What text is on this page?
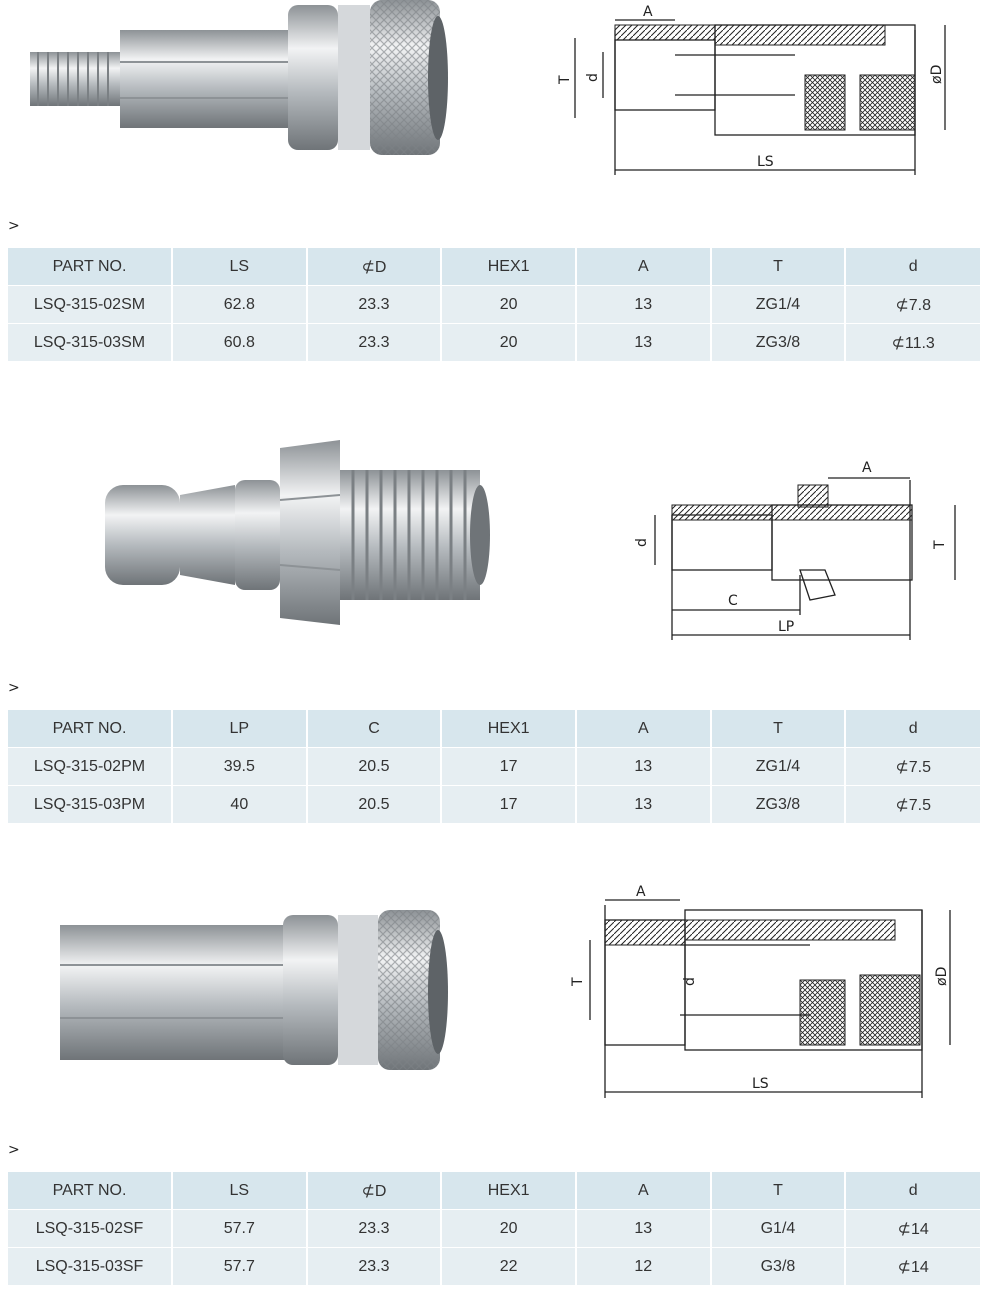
A
T d	øD
LS
>
PART NO.	LS	⊄D	HEX1	A	T	d
LSQ-315-02SM	62.8	23.3	20	13	ZG1/4	⊄7.8
LSQ-315-03SM	60.8	23.3	20	13	ZG3/8	⊄11.3
A
d	T
C
LP
>
PART NO.	LP	C	HEX1	A	T	d
LSQ-315-02PM	39.5	20.5	17	13	ZG1/4	⊄7.5
LSQ-315-03PM	40	20.5	17	13	ZG3/8	⊄7.5
A
T	d	øD
LS
>
PART NO.	LS	⊄D	HEX1	A	T	d
LSQ-315-02SF	57.7	23.3	20	13	G1/4	⊄14
LSQ-315-03SF	57.7	23.3	22	12	G3/8	⊄14
